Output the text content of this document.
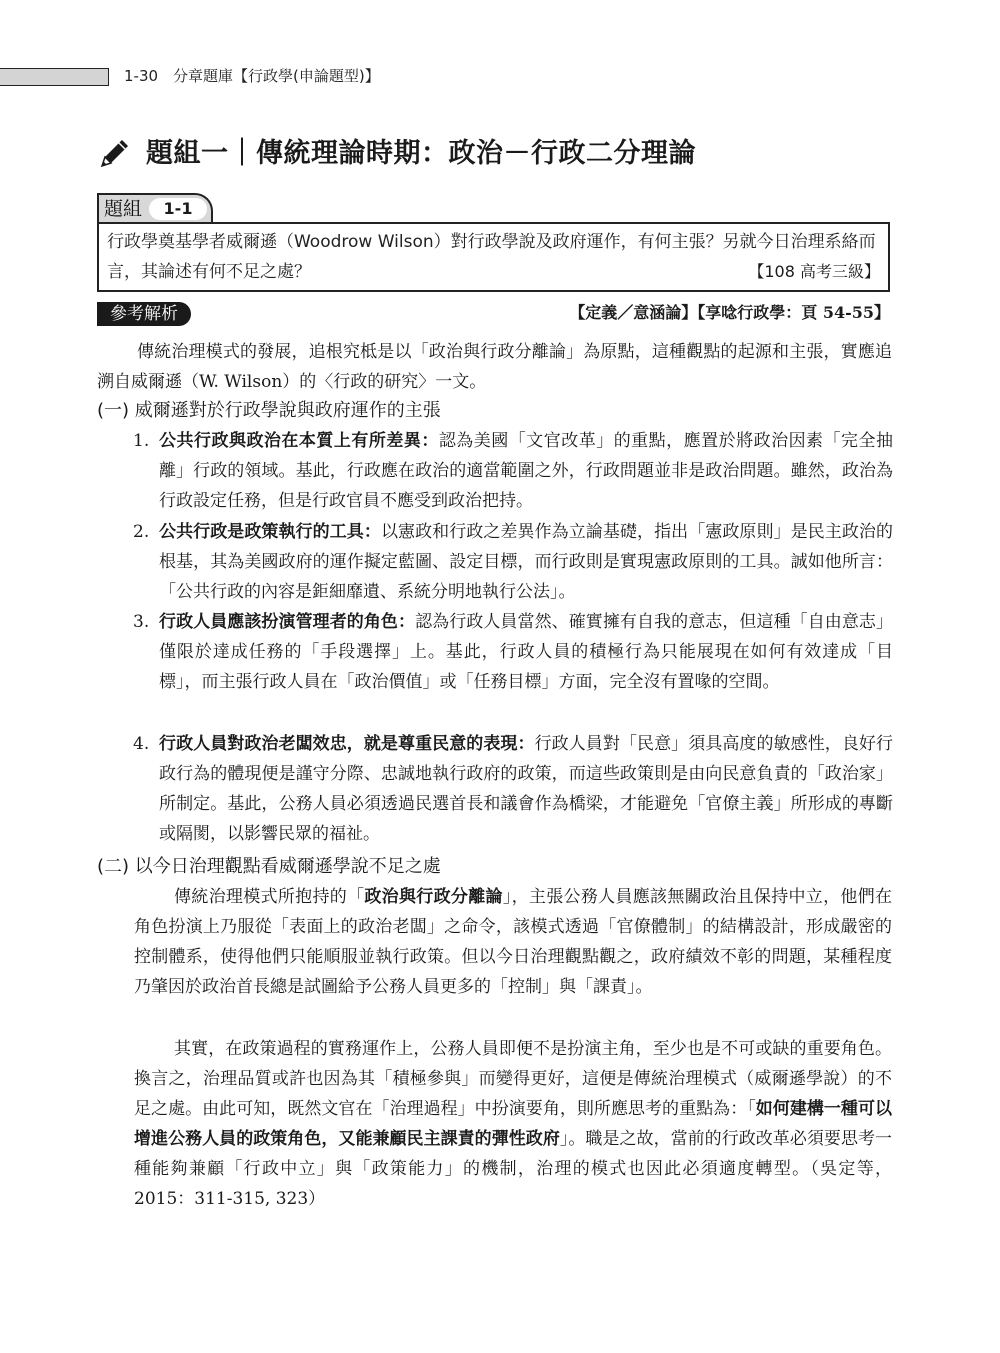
1-30　分章題庫【行政學(申論題型)】
題組一｜傳統理論時期：政治－行政二分理論
題組	1-1
行政學奠基學者威爾遜（Woodrow Wilson）對行政學說及政府運作，有何主張？另就今日治理系絡而言，其論述有何不足之處？	【108 高考三級】
參考解析	【定義／意涵論】【享唸行政學：頁 54-55】
傳統治理模式的發展，追根究柢是以「政治與行政分離論」為原點，這種觀點的起源和主張，實應追溯自威爾遜（W. Wilson）的〈行政的研究〉一文。
(一) 威爾遜對於行政學說與政府運作的主張
1. 公共行政與政治在本質上有所差異：認為美國「文官改革」的重點，應置於將政治因素「完全抽離」行政的領域。基此，行政應在政治的適當範圍之外，行政問題並非是政治問題。雖然，政治為行政設定任務，但是行政官員不應受到政治把持。
2. 公共行政是政策執行的工具：以憲政和行政之差異作為立論基礎，指出「憲政原則」是民主政治的根基，其為美國政府的運作擬定藍圖、設定目標，而行政則是實現憲政原則的工具。誠如他所言：「公共行政的內容是鉅細靡遺、系統分明地執行公法」。
3. 行政人員應該扮演管理者的角色：認為行政人員當然、確實擁有自我的意志，但這種「自由意志」僅限於達成任務的「手段選擇」上。基此，行政人員的積極行為只能展現在如何有效達成「目標」，而主張行政人員在「政治價值」或「任務目標」方面，完全沒有置喙的空間。
4. 行政人員對政治老闆效忠，就是尊重民意的表現：行政人員對「民意」須具高度的敏感性，良好行政行為的體現便是謹守分際、忠誠地執行政府的政策，而這些政策則是由向民意負責的「政治家」所制定。基此，公務人員必須透過民選首長和議會作為橋梁，才能避免「官僚主義」所形成的專斷或隔閡，以影響民眾的福祉。
(二) 以今日治理觀點看威爾遜學說不足之處
傳統治理模式所抱持的「政治與行政分離論」，主張公務人員應該無關政治且保持中立，他們在角色扮演上乃服從「表面上的政治老闆」之命令，該模式透過「官僚體制」的結構設計，形成嚴密的控制體系，使得他們只能順服並執行政策。但以今日治理觀點觀之，政府績效不彰的問題，某種程度乃肇因於政治首長總是試圖給予公務人員更多的「控制」與「課責」。
其實，在政策過程的實務運作上，公務人員即便不是扮演主角，至少也是不可或缺的重要角色。換言之，治理品質或許也因為其「積極參與」而變得更好，這便是傳統治理模式（威爾遜學說）的不足之處。由此可知，既然文官在「治理過程」中扮演要角，則所應思考的重點為：「如何建構一種可以增進公務人員的政策角色，又能兼顧民主課責的彈性政府」。職是之故，當前的行政改革必須要思考一種能夠兼顧「行政中立」與「政策能力」的機制，治理的模式也因此必須適度轉型。（吳定等，2015：311-315, 323）
